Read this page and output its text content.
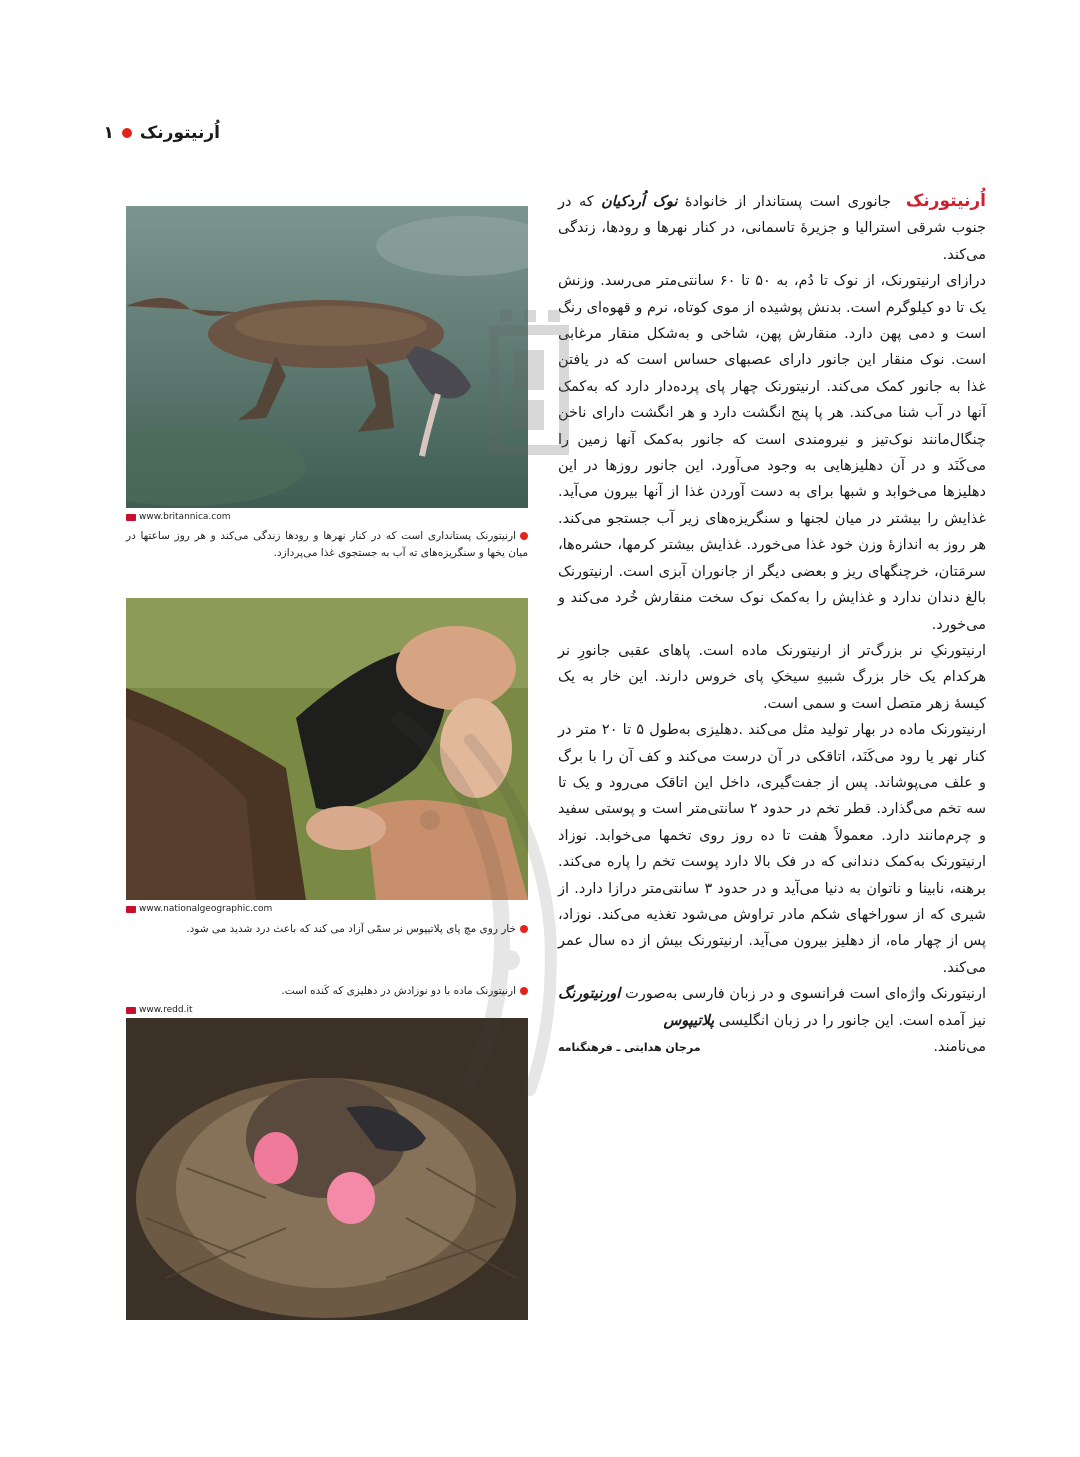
اُرنیتورنک
۱

اُرنیتورنک  جانوری است پستاندار از خانوادهٔ نوک اُردکیان که در جنوب شرقی استرالیا و جزیرهٔ تاسمانی، در کنار نهرها و رودها، زندگی می‌کند.

درازای ارنیتورنک، از نوک تا دُم، به ۵۰ تا ۶۰ سانتی‌متر می‌رسد. وزنش یک تا دو کیلوگرم است. بدنش پوشیده از موی کوتاه، نرم و قهوه‌ای رنگ است و دمی پهن دارد. منقارش پهن، شاخی و به‌شکل منقار مرغابی است. نوک منقار این جانور دارای عصبهای حساس است که در یافتن غذا به جانور کمک می‌کند. ارنیتورنک چهار پای پرده‌دار دارد که به‌کمک آنها در آب شنا می‌کند. هر پا پنج انگشت دارد و هر انگشت دارای ناخن چنگال‌مانند نوک‌تیز و نیرومندی است که جانور به‌کمک آنها زمین را می‌کَنَد و در آن دهلیزهایی به وجود می‌آورد. این جانور روزها در این دهلیزها می‌خوابد و شبها برای به دست آوردن غذا از آنها بیرون می‌آید. غذایش را بیشتر در میان لجنها و سنگریزه‌های زیر آب جستجو می‌کند. هر روز به اندازهٔ وزن خود غذا می‌خورد. غذایش بیشتر کرمها، حشره‌ها، سرمَتان، خرچنگهای ریز و بعضی دیگر از جانوران آبزی است. ارنیتورنک بالغ دندان ندارد و غذایش را به‌کمک نوک سخت منقارش خُرد می‌کند و می‌خورد.

ارنیتورنکِ نر بزرگ‌تر از ارنیتورنک ماده است. پاهای عقبی جانورِ نر هرکدام یک خار بزرگ شبیهِ سیخکِ پای خروس دارند. این خار به یک کیسهٔ زهر متصل است و سمی است.

ارنیتورنک ماده در بهار تولید مثل می‌کند .دهلیزی به‌طول ۵ تا ۲۰ متر در کنار نهر یا رود می‌کَنَد، اتاقکی در آن درست می‌کند و کف آن را با برگ و علف می‌پوشاند. پس از جفت‌گیری، داخل این اتاقک می‌رود و یک تا سه تخم می‌گذارد. قطر تخم در حدود ۲ سانتی‌متر است و پوستی سفید و چرم‌مانند دارد. معمولاً هفت تا ده روز روی تخمها می‌خوابد. نوزاد ارنیتورنک به‌کمک دندانی که در فک بالا دارد پوست تخم را پاره می‌کند. برهنه، نابینا و ناتوان به دنیا می‌آید و در حدود ۳ سانتی‌متر درازا دارد. از شیری که از سوراخهای شکم مادر تراوش می‌شود تغذیه می‌کند. نوزاد، پس از چهار ماه، از دهلیز بیرون می‌آید. ارنیتورنک بیش از ده سال عمر می‌کند.

ارنیتورنک واژه‌ای است فرانسوی و در زبان فارسی به‌صورت اورنیتورنگ نیز آمده است. این جانور را در زبان انگلیسی پلاتیپوس

می‌نامند.
مرجان هدایتی ـ فرهنگنامه
www.britannica.com
ارنیتورنک پستانداری است که در کنار نهرها و رودها زندگی می‌کند و هر روز ساعتها در میان یخها و سنگریزه‌های ته آب به جستجوی غذا می‌پردازد.
www.nationalgeographic.com
خار روی مچ پای پلاتیپوس نر سمّی آزاد می کند که باعث درد شدید می شود.
ارنیتورنک ماده با دو نوزادش در دهلیزی که کَنده است.
www.redd.it
